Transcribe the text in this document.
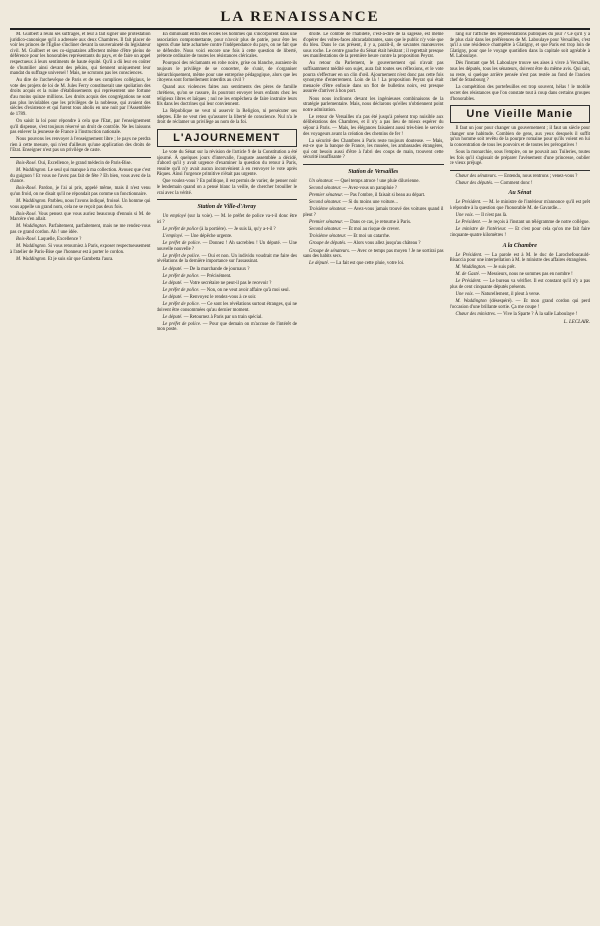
LA RENAISSANCE

M. Guilbert a réuni ses suffrages, et leur a fait signer une protestation juridico-canonique qu'il a adressée aux deux Chambres. Il fait placer de voir les princes de l'Église s'incliner devant la souveraineté du législateur civil. M. Guilbert et ses co-signataires affectent même d'être pleins de déférence pour les honorables représentants du pays, et de faire un appel respectueux à leurs sentiments de haute équité. Qu'il a dû leur en coûter de s'humilier ainsi devant des pékins, qui tiennent uniquement leur mandat du suffrage universel ! Mais, ne scrutons pas les consciences.

Au dire de l'archevêque de Paris et de ses complices collégiaux, le vote des projets de loi de M. Jules Ferry constituerait une spoliation des droits acquis et la ruine d'établissements qui représentent une fortune d'au moins quinze millions. Les droits acquis des congrégations ne sont pas plus inviolables que les privilèges de la noblesse, qui avaient des siècles d'existence et qui furent tous abolis en une nuit par l'Assemblée de 1789.

On saisit la loi pour répondre à cela que l'Etat, par l'enseignement qu'il dispense, s'est toujours réservé un droit de contrôle. Ne les laissons pas enlever la jeunesse de France à l'instruction nationale.

Nous pouvons les renvoyer à l'enseignement libre ; le pays ne perdra rien à cette mesure, qui n'est d'ailleurs qu'une application des droits de l'Etat. Enseigner n'est pas un privilège de caste.

Bois-Rosé. Oui, Excellence, le grand médecin de Paris-Bise.

M. Waddington. Le seul qui manque à ma collection. Avouez que c'est du guignon ! Et vous ne l'avez pas fait de fête ? Eh bien, vous avez de la chance.

Bois-Rosé. Pardon, je l'ai ai pris, appelé même, mais il n'est venu qu'un froid, on ne disait qu'il ne répondait pas comme un fonctionnaire.

M. Waddington. Parbleu, nous l'avons indiqué, froissé. Un homme qui vous appelle un grand nom, cela ne se reçoit pas deux fois.

Bois-Rosé. Vous pensez que vous auriez beaucoup d'ennuis si M. de Marcère s'en allait.

M. Waddington. Parfaitement, parfaitement, mais ne me rendez-vous pas ce grand cordon. Ah ! une idée.

Bois-Rosé. Laquelle, Excellence ?

M. Waddington. Si vous retourniez à Paris, exposer respectueusement à l'atelier de Paris-Bise que l'honneur est à porter le cordon.

M. Waddington. Et je suis sûr que Gambetta l'aura.

En diminuant enfin des écoles les hommes qui s'incorporent dans une association compromettante, pour n'avoir plus de patrie, pour être les agents d'une lutte acharnée contre l'indépendance du pays, on ne fait que se défendre. Nous voici encore une fois à cette question de liberté, prétexte ordinaire de toutes les résistances cléricales.

Pourquoi des réclamants en robe noire, grise ou blanche, auraient-ils toujours le privilège de se concerter, de s'unir, de s'organiser hiérarchiquement, même pour une entreprise pédagogique, alors que les citoyens sont formellement interdits au civil ?

Quand aux violences faites aux sentiments des pères de famille chrétiens, qu'on se rassure, ils pourront envoyer leurs enfants chez les religieux libres et laïques ; nul ne les empêchera de faire instruire leurs fils dans les doctrines qui leur conviennent.

La République ne veut ni asservir la Religion, ni persécuter ses adeptes. Elle ne veut rien qu'assurer la liberté de conscience. Nul n'a le droit de réclamer un privilège au nom de la foi.

L'AJOURNEMENT

Le vote du Sénat sur la révision de l'article 9 de la Constitution a été ajourné. À quelques jours d'intervalle, l'auguste assemblée a décidé, d'abord qu'il y avait urgence d'examiner la question du retour à Paris, ensuite qu'il n'y avait aucun inconvénient à en renvoyer le vote après Pâques. Ainsi l'urgence primitive n'était pas urgente.

Que voulez-vous ? En politique, il est permis de varier, de penser noir le lendemain quand on a pensé blanc la veille, de chercher brouiller le vrai avec la vérité.

Station de Ville-d'Avray

Un employé (sur la voie). — M. le préfet de police va-t-il donc être ici ?

Le préfet de police (à la portière). — Je suis là, qu'y a-t-il ?

L'employé. — Une dépêche urgente.

Le préfet de police. — Donnez ! Ah sacrebleu ! Un député. — Une nouvelle nouvelle ?

Le préfet de police. — Oui et non. Un individu voudrait me faire des révélations de la dernière importance sur l'assassinat.

Le député. — De la marchande de journaux ?

Le préfet de police. — Précisément.

Le député. — Votre secrétaire ne peut-il pas le recevoir ?

Le préfet de police. — Non, on ne veut avoir affaire qu'à moi seul.

Le député. — Renvoyez le rendez-vous à ce soir.

Le préfet de police. — Ce sont les révélations surtout étranges, qui ne doivent être consommées qu'au dernier moment.

Le député. — Retournez à Paris par un train spécial.

Le préfet de police. — Pour que demain on m'accuse de l'intérêt de mon poste.

droite. Le comble de l'habileté, c'est-à-dire de la sagesse, est même d'opérer des voltes-faces abracadabrantes, sans que le public n'y voie que du bleu. Dans le cas présent, il y a, paraît-il, de savantes manœuvres sous roche. Le centre gauche du Sénat était hésitant ; il regrettait presque ses manifestations de la première heure contre la proposition Peyrat.

Au retour du Parlement, le gouvernement qui n'avait pas suffisamment médité son sujet, aura fait toutes ses réflexions, et le vote pourra s'effectuer en un clin d'œil. Ajournement n'est donc pas cette fois synonyme d'enterrement. Loin de là ! La proposition Peyrat qui était menacée d'être enfouie dans un flot de bulletins noirs, est presque assurée d'arriver à bon port.

Nous nous inclinons devant les ingénieuses combinaisons de la stratégie parlementaire. Mais, nous déclarons qu'elles n'obtiennent point notre admiration.

Le retour de Versailles n'a pas été jusqu'à présent trop nuisible aux délibérations des Chambres, et il n'y a pas lieu de mieux espérer du séjour à Paris. — Mais, les élégances faisaient aussi très-bien le service des voyageurs avant la création des chemins de fer !

La sécurité des Chambres à Paris reste toujours douteuse. — Mais, est-ce que la banque de France, les musées, les ambassades étrangères, qui ont besoin aussi d'être à l'abri des coups de main, trouvent cette sécurité insuffisante ?

Station de Versailles

Un sénateur. — Quel temps atroce ! une pluie diluvienne.

Second sénateur. — Avez-vous un parapluie ?

Premier sénateur. — Pas l'ombre, il faisait si beau au départ.

Second sénateur. — Si du moins une voiture...

Troisième sénateur. — Avez-vous jamais trouvé des voitures quand il pleut ?

Premier sénateur. — Dans ce cas, je retourne à Paris.

Second sénateur. — Et moi au risque de crever.

Troisième sénateur. — Et moi un catarrhe.

Groupe de députés. — Alors vous allez jusqu'au château ?

Groupe de sénateurs. — Avec ce temps pas moyen ! Je ne sortirai pas sans des habits secs.

Le député. — La fait est que cette pluie, votre loi.

rang sur l'affiche des représentations publiques du jour ? Ce qu'il y a de plus clair dans les préférences de M. Laboulaye pour Versailles, c'est qu'il a une résidence champêtre à Glatigny, et que Paris est trop loin de Glatigny, pour que le voyage quotidien dans la capitale soit agréable à M. Laboulaye.

Dès l'instant que M. Laboulaye trouve ses aises à vivre à Versailles, tous les députés, tous les sénateurs, doivent être du même avis. Qui sait, au reste, si quelque arrière pensée n'est pas restée au fond de l'ancien chef de Strasbourg ?

La compétition des portefeuilles est trop souvent, hélas ! le mobile secret des résistances que l'on constate tout à coup dans certains groupes d'honorables.

Une Vieille Manie

Il faut un jour pour changer un gouvernement ; il faut un siècle pour changer une habitude. Combien de gens, aux yeux desquels il suffit qu'un homme soit revêtu de la pourpre romaine pour qu'ils voient en lui la concentration de tous les pouvoirs et de toutes les prérogatives !

Sous la monarchie, sous l'empire, on ne pouvait aux Tuileries, toutes les fois qu'il s'agissait de préparer l'avènement d'une princesse, oublier ce vieux préjugé.

Chœur des sénateurs. — Entendu, nous rentrons ; venez-vous ?

Chœur des députés. — Comment donc !

Au Sénat

Le Président. — M. le ministre de l'intérieur m'annonce qu'il est prêt à répondre à la question que l'honorable M. de Gavardie...

Une voix. — Il n'est pas là.

Le Président. — Je reçois à l'instant un télégramme de notre collègue.

Le ministre de l'intérieur. — Et c'est pour cela qu'on me fait faire cinquante-quatre kilomètres !

A la Chambre

Le Président. — La parole est à M. le duc de Larochefoucauld-Bisaccia pour une interpellation à M. le ministre des affaires étrangères.

M. Waddington. — Je suis prêt.

M. de Gasté. — Messieurs, nous ne sommes pas en nombre !

Le Président. — Le bureau va vérifier. Il est constant qu'il n'y a pas plus de cent cinquante députés présents.

Une voix. — Naturellement, il pleut à verse.

M. Waddington (désespéré). — Et mon grand cordon qui perd l'occasion d'une brillante sortie. Ça me coupe !

Chœur des ministres. — Vive la Sparte ? À la salle Laboulaye !

L. LECLAIR.
